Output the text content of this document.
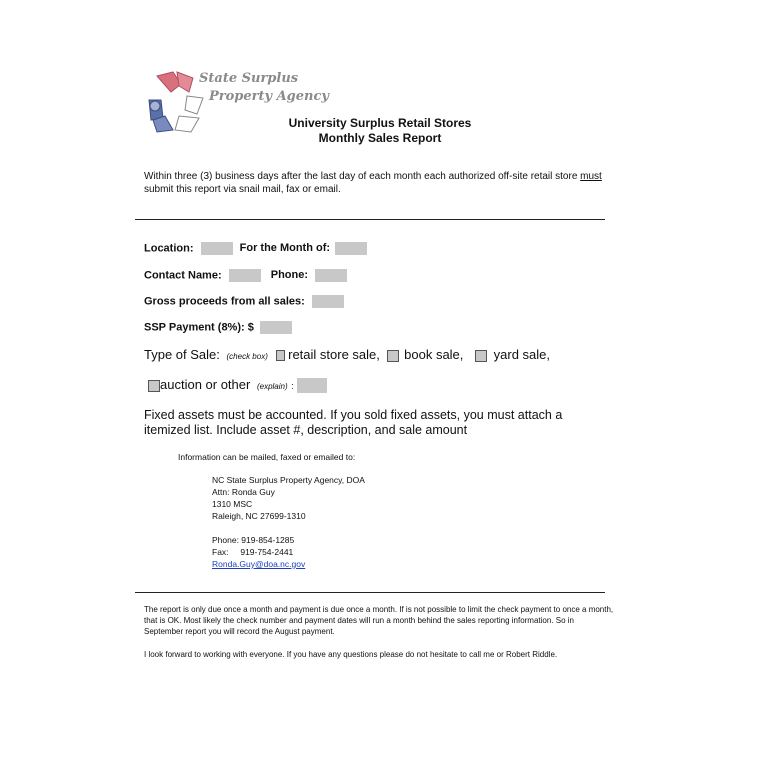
State Surplus
Property Agency
University Surplus Retail Stores
Monthly Sales Report
Within three (3) business days after the last day of each month each authorized off-site retail store must submit this report via snail mail, fax or email.
Location:	For the Month of:
Contact Name:	Phone:
Gross proceeds from all sales:
SSP Payment (8%): $
Type of Sale: (check box) retail store sale, book sale, yard sale,
auction or other (explain) :
Fixed assets must be accounted. If you sold fixed assets, you must attach a itemized list. Include asset #, description, and sale amount
Information can be mailed, faxed or emailed to:
NC State Surplus Property Agency, DOA
Attn: Ronda Guy
1310 MSC
Raleigh, NC 27699-1310
Phone: 919-854-1285
Fax:     919-754-2441
Ronda.Guy@doa.nc.gov
The report is only due once a month and payment is due once a month. If is not possible to limit the check payment to once a month, that is OK. Most likely the check number and payment dates will run a month behind the sales reporting information. So in September report you will record the August payment.
I look forward to working with everyone. If you have any questions please do not hesitate to call me or Robert Riddle.
